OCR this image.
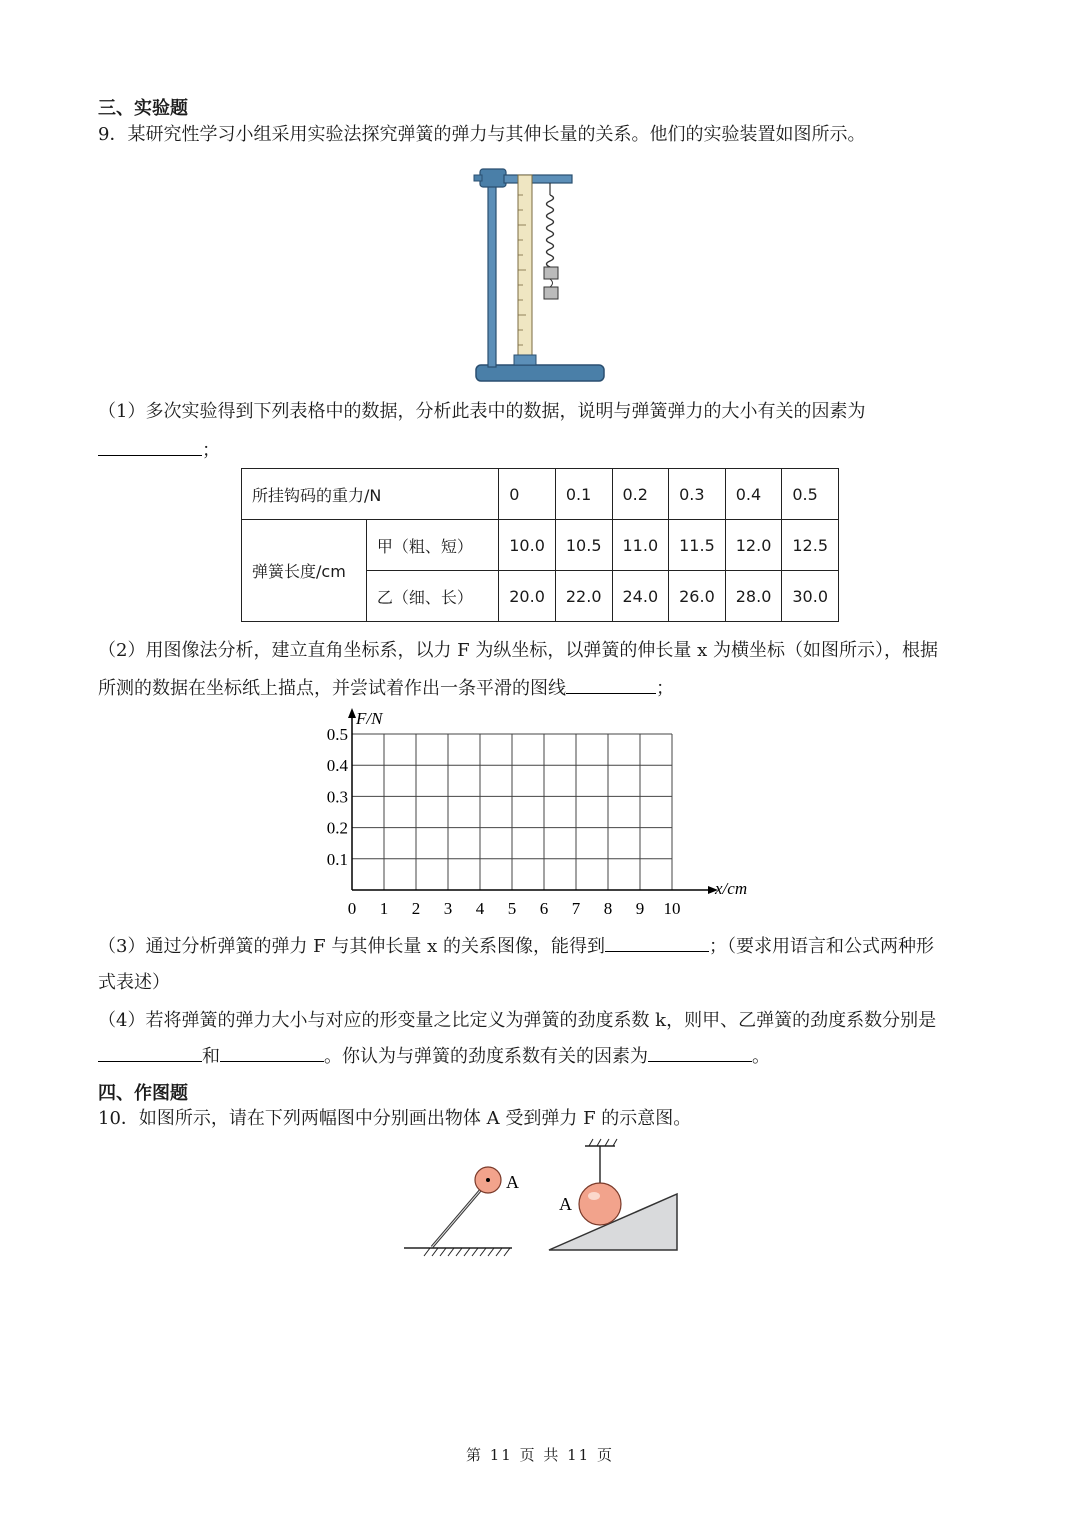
三、实验题
9．某研究性学习小组采用实验法探究弹簧的弹力与其伸长量的关系。他们的实验装置如图所示。
（1）多次实验得到下列表格中的数据，分析此表中的数据，说明与弹簧弹力的大小有关的因素为
；
所挂钩码的重力/N		0	0.1	0.2	0.3	0.4	0.5
弹簧长度/cm	甲（粗、短）	10.0	10.5	11.0	11.5	12.0	12.5
	乙（细、长）	20.0	22.0	24.0	26.0	28.0	30.0
（2）用图像法分析，建立直角坐标系，以力 F 为纵坐标，以弹簧的伸长量 x 为横坐标（如图所示），根据
所测的数据在坐标纸上描点，并尝试着作出一条平滑的图线	；
F/N
x/cm
0.5
0.4
0.3
0.2
0.1
0 1 2 3 4 5 6 7 8 9 10
（3）通过分析弹簧的弹力 F 与其伸长量 x 的关系图像，能得到	；（要求用语言和公式两种形
式表述）
（4）若将弹簧的弹力大小与对应的形变量之比定义为弹簧的劲度系数 k，则甲、乙弹簧的劲度系数分别是
和	。你认为与弹簧的劲度系数有关的因素为	。
四、作图题
10．如图所示，请在下列两幅图中分别画出物体 A 受到弹力 F 的示意图。
A
A
第 11 页 共 11 页
